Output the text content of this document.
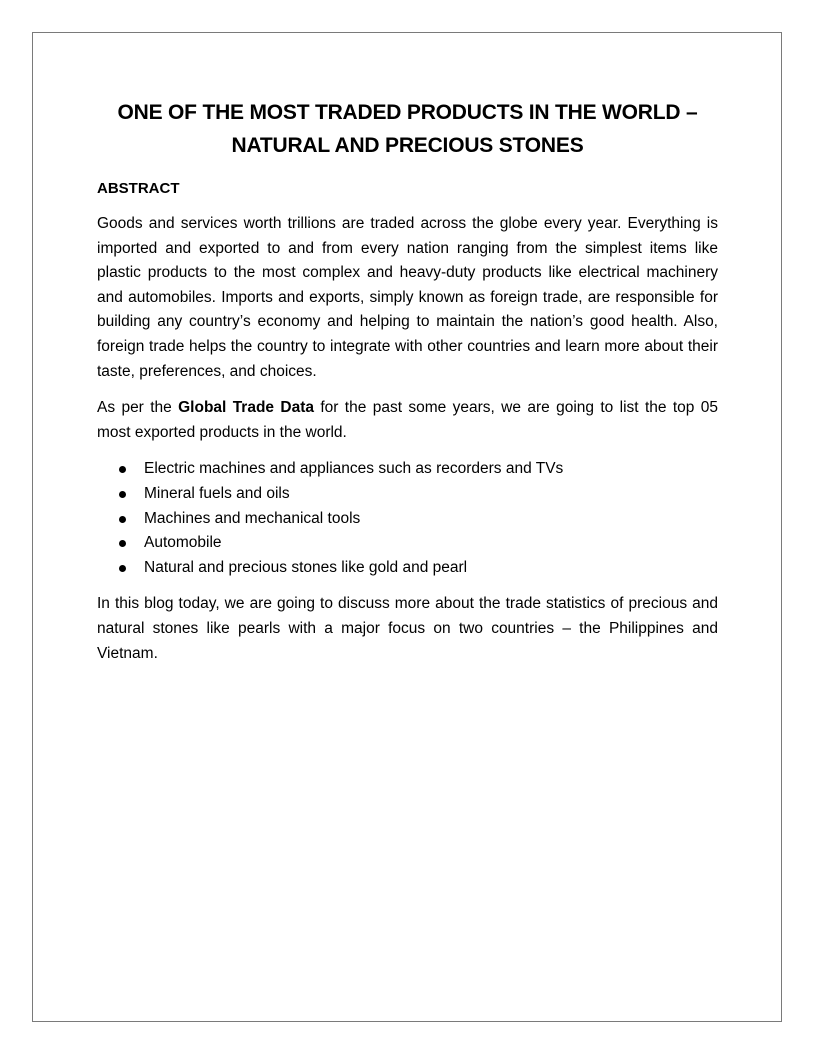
ONE OF THE MOST TRADED PRODUCTS IN THE WORLD – NATURAL AND PRECIOUS STONES
ABSTRACT

Goods and services worth trillions are traded across the globe every year. Everything is imported and exported to and from every nation ranging from the simplest items like plastic products to the most complex and heavy-duty products like electrical machinery and automobiles. Imports and exports, simply known as foreign trade, are responsible for building any country’s economy and helping to maintain the nation’s good health. Also, foreign trade helps the country to integrate with other countries and learn more about their taste, preferences, and choices.

As per the Global Trade Data for the past some years, we are going to list the top 05 most exported products in the world.

Electric machines and appliances such as recorders and TVs
Mineral fuels and oils
Machines and mechanical tools
Automobile
Natural and precious stones like gold and pearl

In this blog today, we are going to discuss more about the trade statistics of precious and natural stones like pearls with a major focus on two countries – the Philippines and Vietnam.
